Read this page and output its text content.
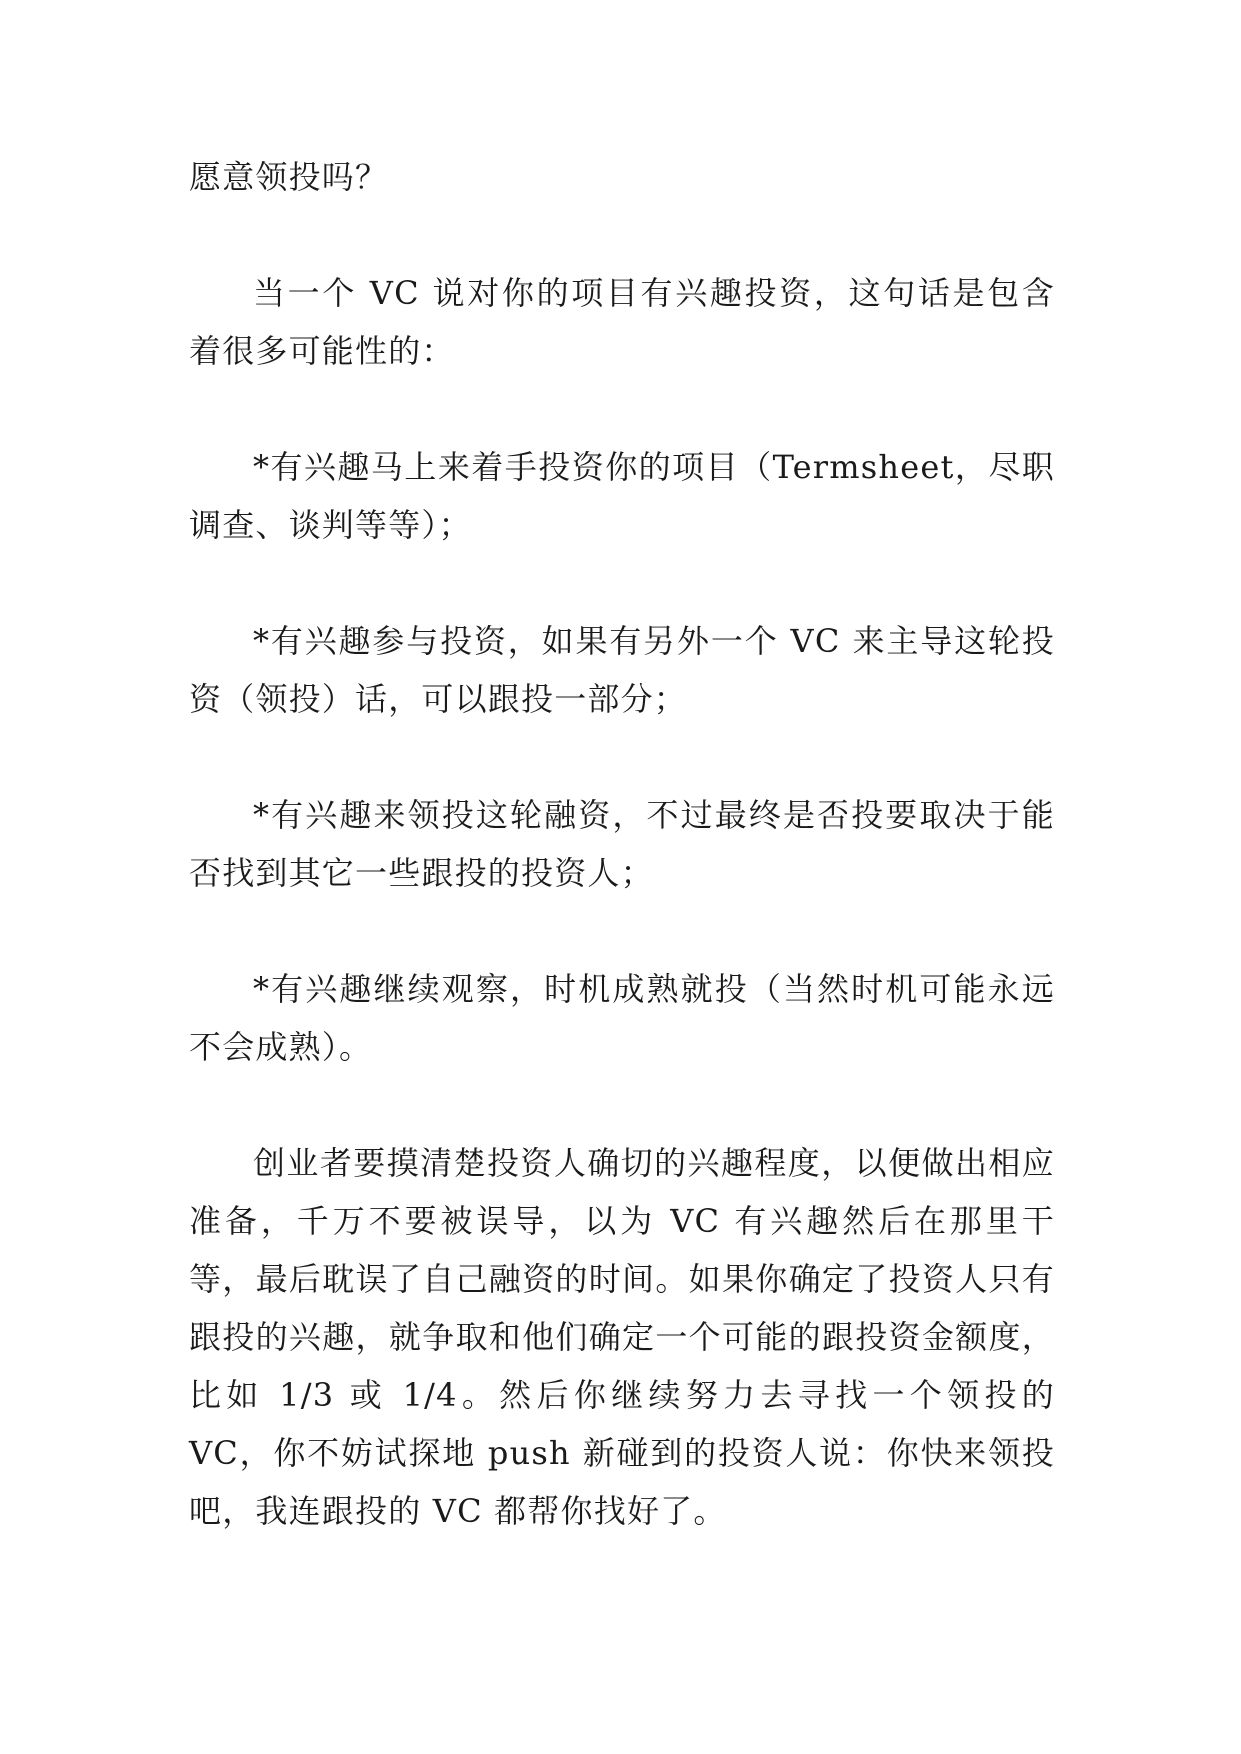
愿意领投吗？

当一个 VC 说对你的项目有兴趣投资，这句话是包含着很多可能性的：

*有兴趣马上来着手投资你的项目（Termsheet，尽职调查、谈判等等）；

*有兴趣参与投资，如果有另外一个 VC 来主导这轮投资（领投）话，可以跟投一部分；

*有兴趣来领投这轮融资，不过最终是否投要取决于能否找到其它一些跟投的投资人；

*有兴趣继续观察，时机成熟就投（当然时机可能永远不会成熟）。

创业者要摸清楚投资人确切的兴趣程度，以便做出相应准备，千万不要被误导，以为 VC 有兴趣然后在那里干等，最后耽误了自己融资的时间。如果你确定了投资人只有跟投的兴趣，就争取和他们确定一个可能的跟投资金额度，比如 1/3 或 1/4。然后你继续努力去寻找一个领投的 VC，你不妨试探地 push 新碰到的投资人说：你快来领投吧，我连跟投的 VC 都帮你找好了。
